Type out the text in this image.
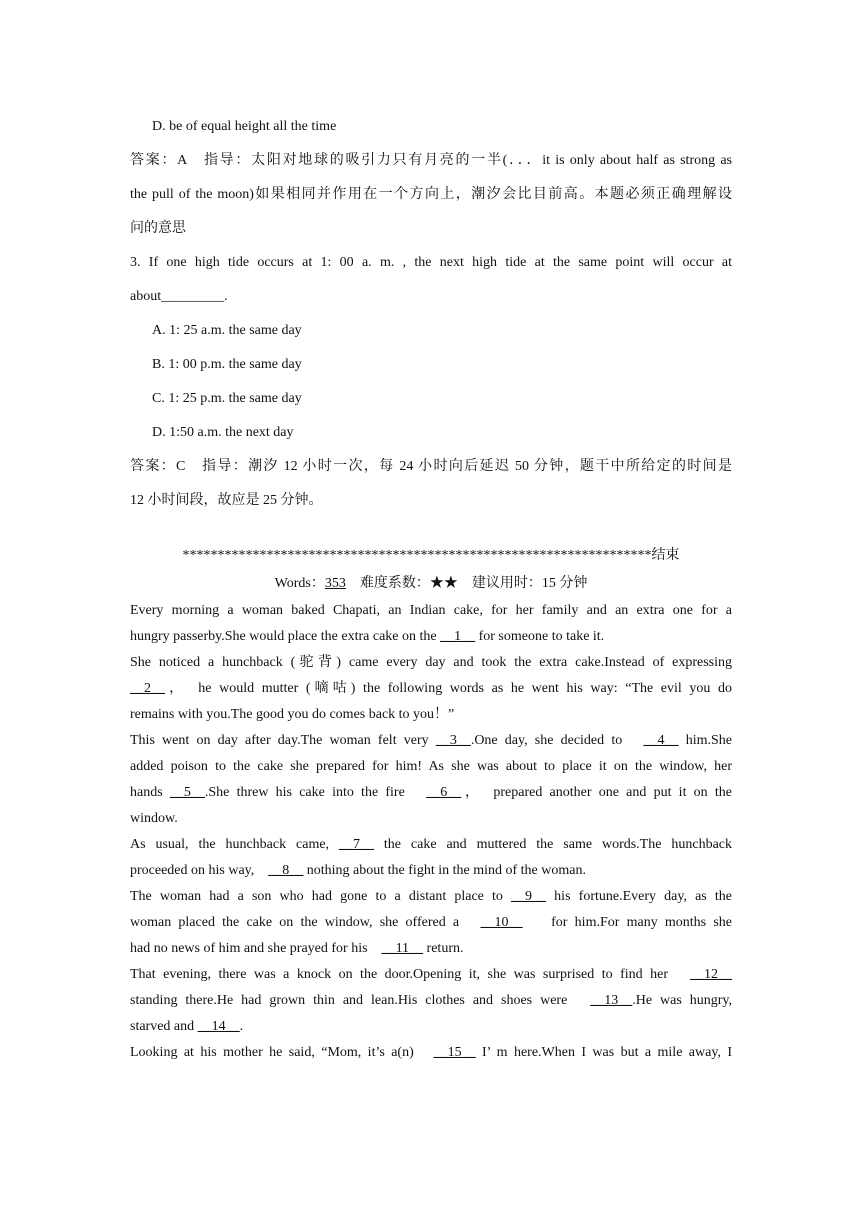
D. be of equal height all the time
答案：A　指导：太阳对地球的吸引力只有月亮的一半(．．．it is only about half as strong as
the pull of the moon)如果相同并作用在一个方向上，潮汐会比目前高。本题必须正确理解设
问的意思
3. If one high tide occurs at 1: 00 a. m. , the next high tide at the same point will occur at
about_________.
A. 1: 25 a.m. the same day
B. 1: 00 p.m. the same day
C. 1: 25 p.m. the same day
D. 1:50 a.m. the next day
答案：C　指导：潮汐 12 小时一次，每 24 小时向后延迟 50 分钟，题干中所给定的时间是
12 小时间段，故应是 25 分钟。
*******************************************************************结束
Words：353　难度系数：★★　建议用时：15 分钟
Every morning a woman baked Chapati, an Indian cake, for her family and an extra one for a
hungry passerby.She would place the extra cake on the __1__ for someone to take it.
She noticed a hunchback (驼背) came every day and took the extra cake.Instead of expressing
__2__，　he would mutter (嘀咕) the following words as he went his way: “The evil you do
remains with you.The good you do comes back to you！”
This went on day after day.The woman felt very __3__.One day, she decided to　__4__ him.She
added poison to the cake she prepared for him! As she was about to place it on the window, her
hands __5__.She threw his cake into the fire　__6__，　prepared another one and put it on the
window.
As usual, the hunchback came, __7__ the cake and muttered the same words.The hunchback
proceeded on his way,　__8__ nothing about the fight in the mind of the woman.
The woman had a son who had gone to a distant place to __9__ his fortune.Every day, as the
woman placed the cake on the window, she offered a　__10__　 for him.For many months she
had no news of him and she prayed for his　__11__ return.
That evening, there was a knock on the door.Opening it, she was surprised to find her　__12__
standing there.He had grown thin and lean.His clothes and shoes were　__13__.He was hungry,
starved and __14__.
Looking at his mother he said, “Mom, it’s a(n)　__15__ I’ m here.When I was but a mile away, I
